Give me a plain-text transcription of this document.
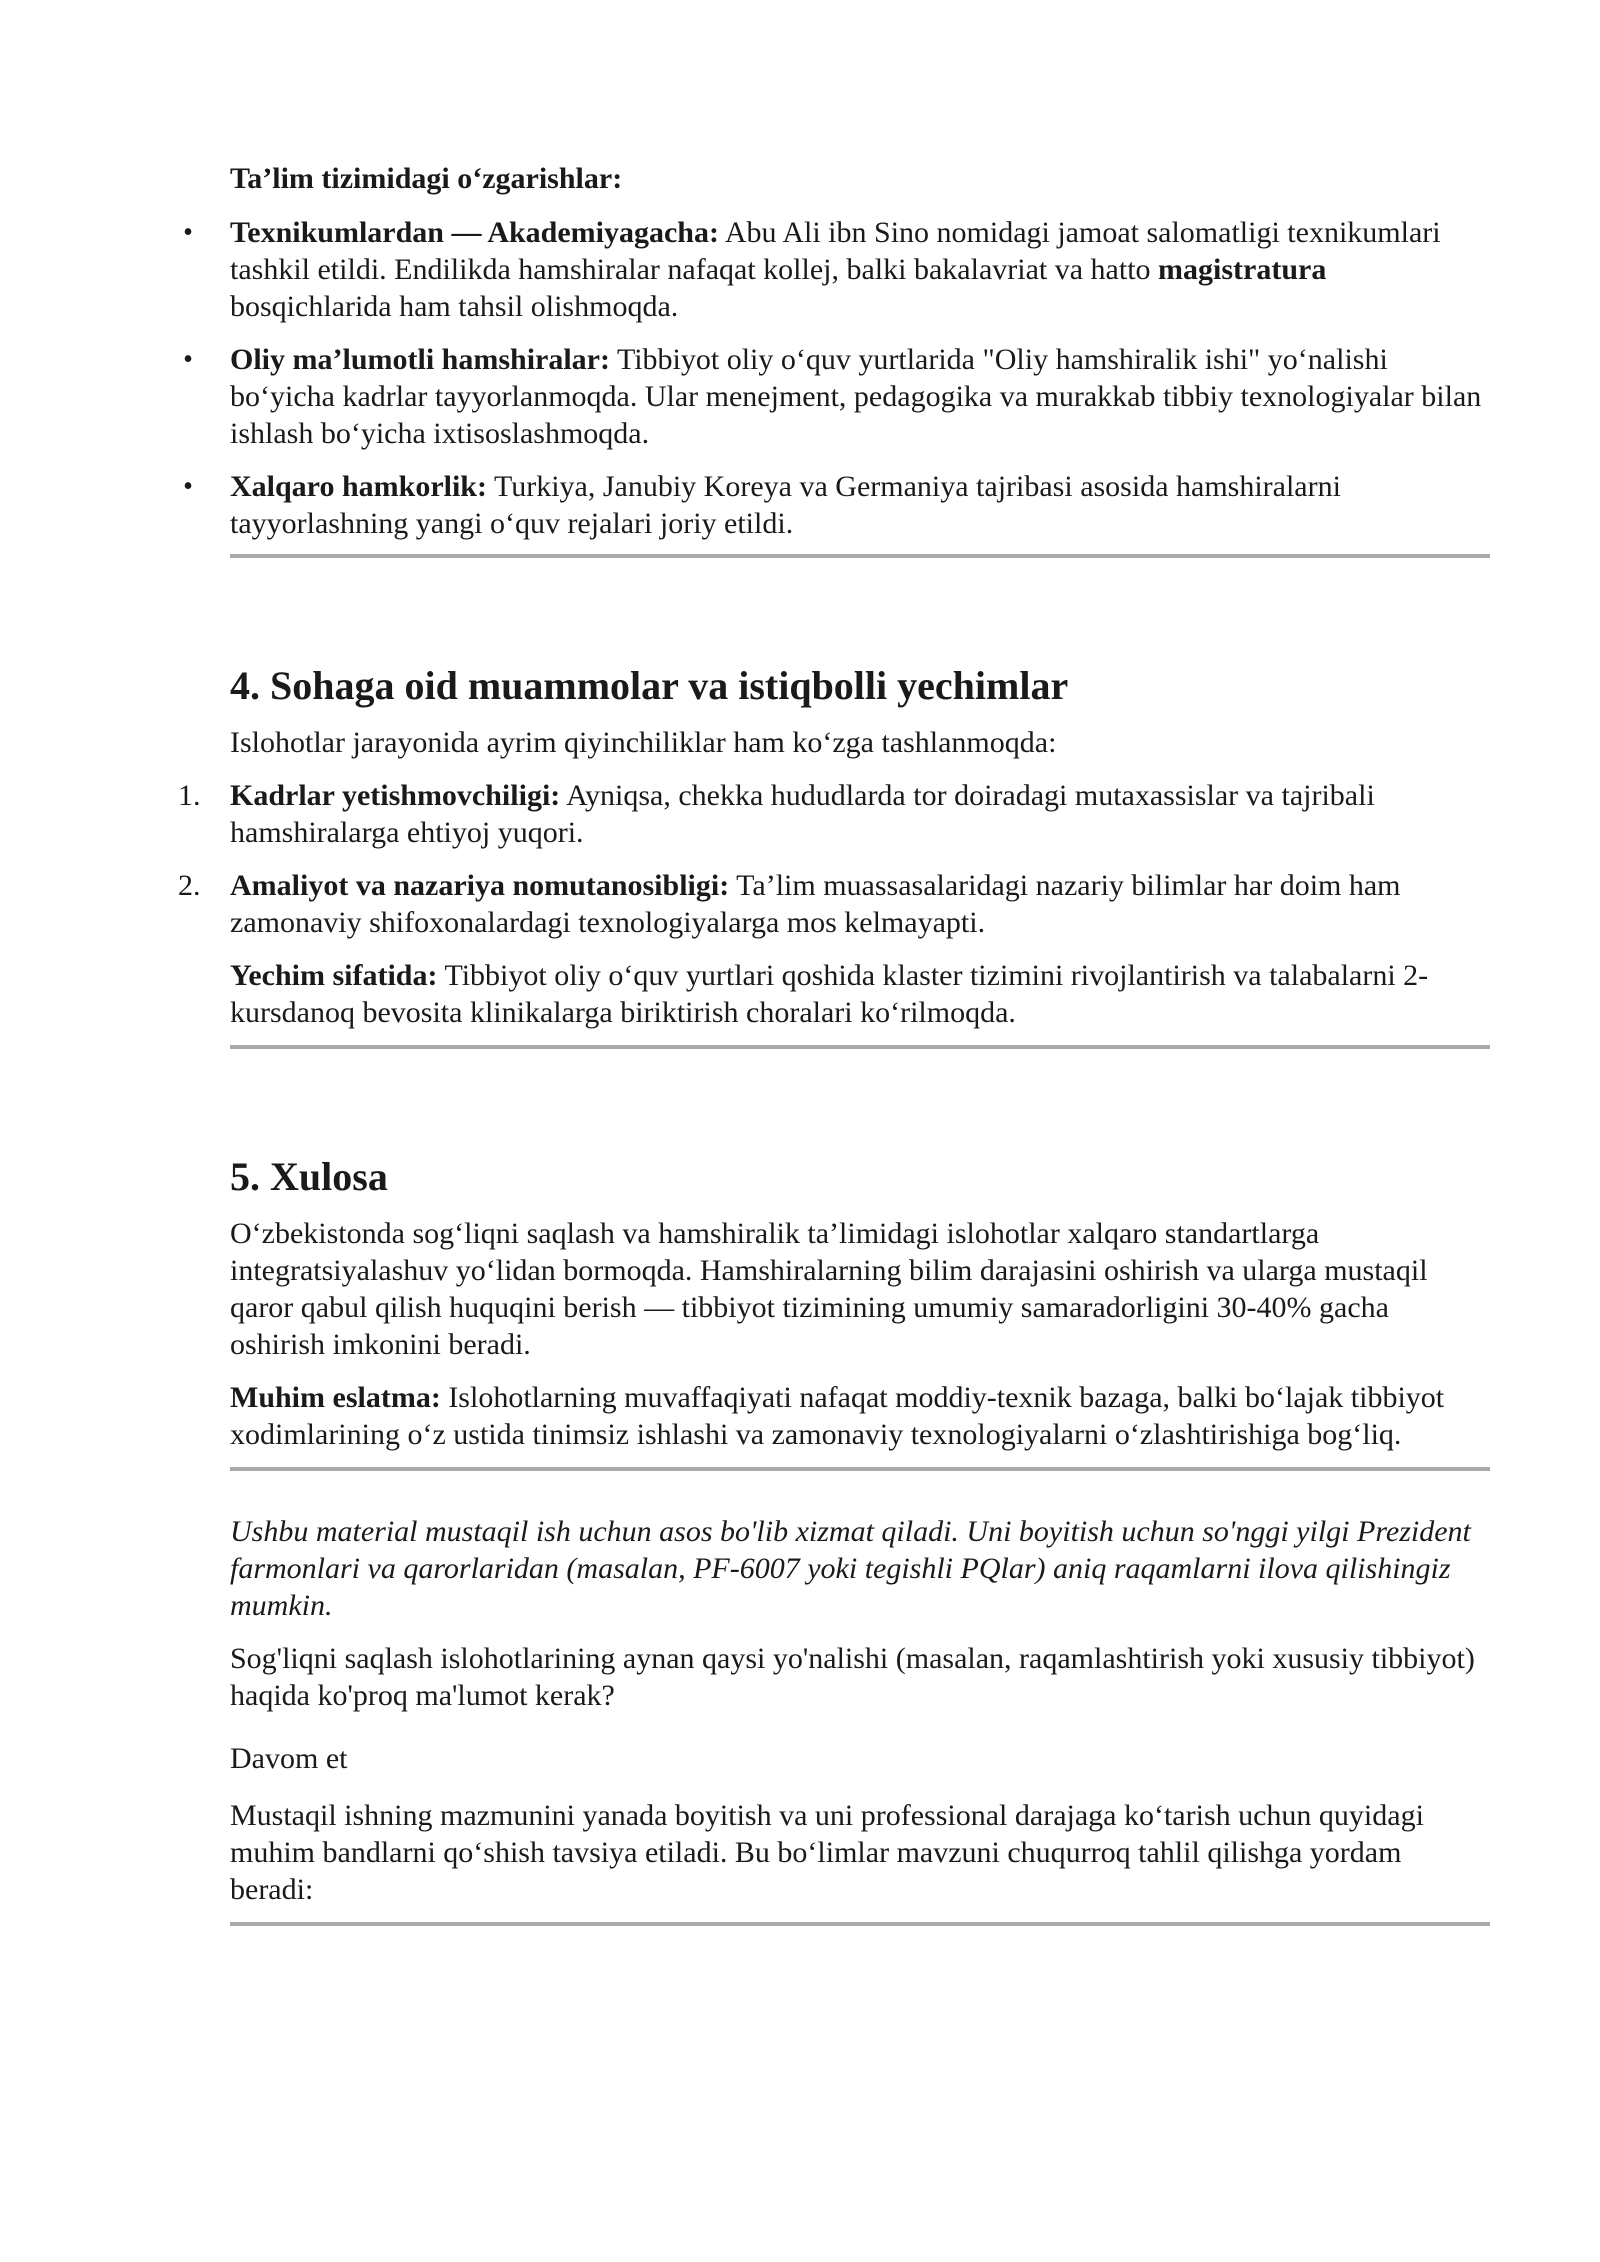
Ta’lim tizimidagi o‘zgarishlar:

• Texnikumlardan — Akademiyagacha: Abu Ali ibn Sino nomidagi jamoat salomatligi texnikumlari tashkil etildi. Endilikda hamshiralar nafaqat kollej, balki bakalavriat va hatto magistratura bosqichlarida ham tahsil olishmoqda.
• Oliy ma’lumotli hamshiralar: Tibbiyot oliy o‘quv yurtlarida "Oliy hamshiralik ishi" yo‘nalishi bo‘yicha kadrlar tayyorlanmoqda. Ular menejment, pedagogika va murakkab tibbiy texnologiyalar bilan ishlash bo‘yicha ixtisoslashmoqda.
• Xalqaro hamkorlik: Turkiya, Janubiy Koreya va Germaniya tajribasi asosida hamshiralarni tayyorlashning yangi o‘quv rejalari joriy etildi.
4. Sohaga oid muammolar va istiqbolli yechimlar

Islohotlar jarayonida ayrim qiyinchiliklar ham ko‘zga tashlanmoqda:

1. Kadrlar yetishmovchiligi: Ayniqsa, chekka hududlarda tor doiradagi mutaxassislar va tajribali hamshiralarga ehtiyoj yuqori.
2. Amaliyot va nazariya nomutanosibligi: Ta’lim muassasalaridagi nazariy bilimlar har doim ham zamonaviy shifoxonalardagi texnologiyalarga mos kelmayapti.

Yechim sifatida: Tibbiyot oliy o‘quv yurtlari qoshida klaster tizimini rivojlantirish va talabalarni 2-kursdanoq bevosita klinikalarga biriktirish choralari ko‘rilmoqda.

5. Xulosa

O‘zbekistonda sog‘liqni saqlash va hamshiralik ta’limidagi islohotlar xalqaro standartlarga integratsiyalashuv yo‘lidan bormoqda. Hamshiralarning bilim darajasini oshirish va ularga mustaqil qaror qabul qilish huquqini berish — tibbiyot tizimining umumiy samaradorligini 30-40% gacha oshirish imkonini beradi.

Muhim eslatma: Islohotlarning muvaffaqiyati nafaqat moddiy-texnik bazaga, balki bo‘lajak tibbiyot xodimlarining o‘z ustida tinimsiz ishlashi va zamonaviy texnologiyalarni o‘zlashtirishiga bog‘liq.

Ushbu material mustaqil ish uchun asos bo'lib xizmat qiladi. Uni boyitish uchun so'nggi yilgi Prezident farmonlari va qarorlaridan (masalan, PF-6007 yoki tegishli PQlar) aniq raqamlarni ilova qilishingiz mumkin.

Sog'liqni saqlash islohotlarining aynan qaysi yo'nalishi (masalan, raqamlashtirish yoki xususiy tibbiyot) haqida ko'proq ma'lumot kerak?

Davom et

Mustaqil ishning mazmunini yanada boyitish va uni professional darajaga ko‘tarish uchun quyidagi muhim bandlarni qo‘shish tavsiya etiladi. Bu bo‘limlar mavzuni chuqurroq tahlil qilishga yordam beradi:
